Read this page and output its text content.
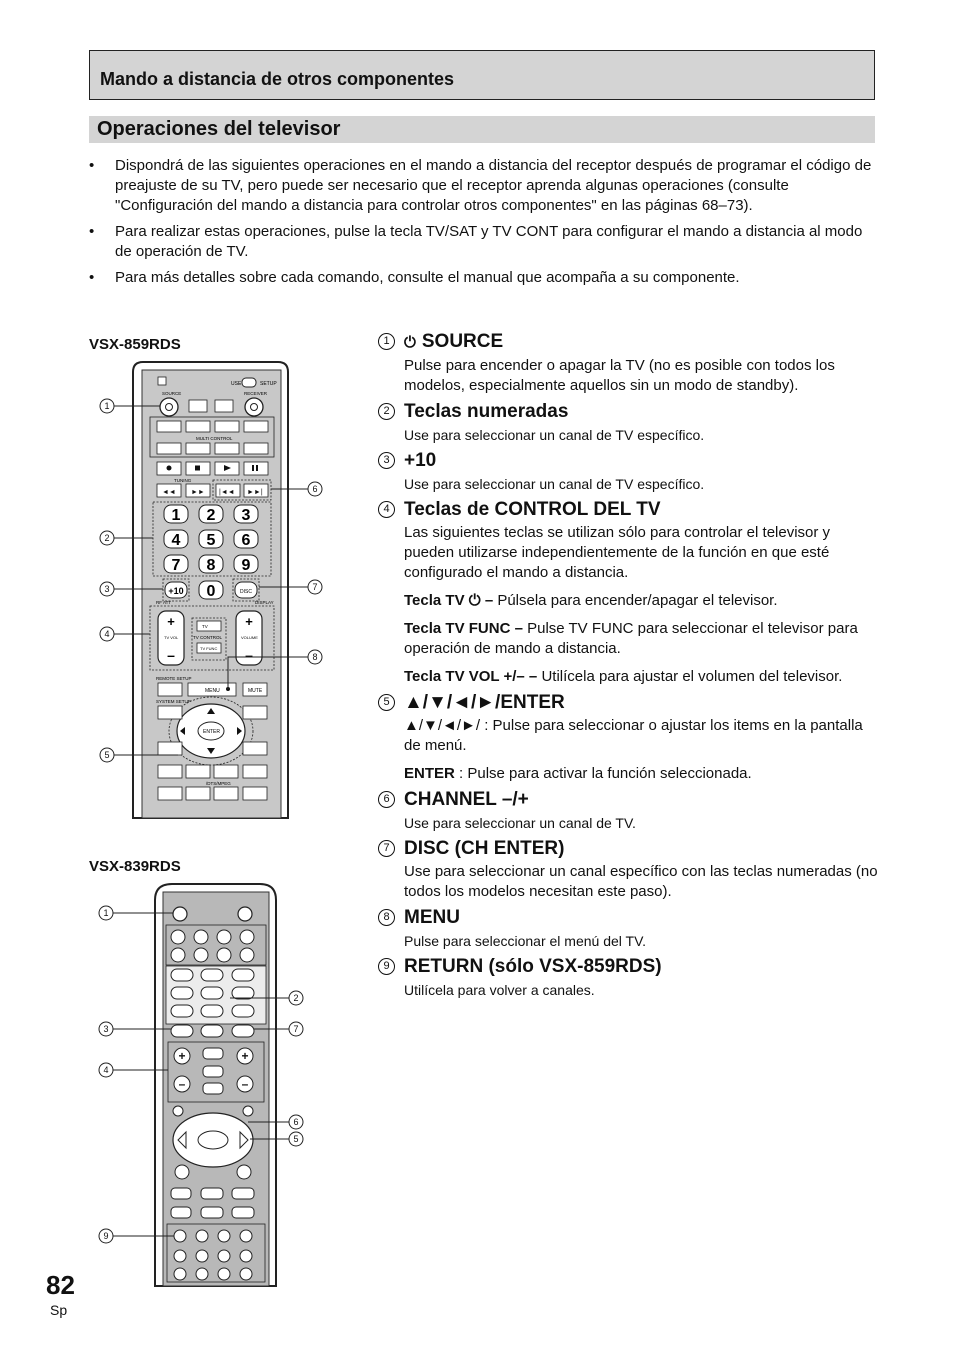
Mando a distancia de otros componentes
Operaciones del televisor
• Dispondrá de las siguientes operaciones en el mando a distancia del receptor después de programar el código de preajuste de su TV, pero puede ser necesario que el receptor aprenda algunas operaciones (consulte "Configuración del mando a distancia para controlar otros componentes" en las páginas 68–73).
• Para realizar estas operaciones, pulse la tecla TV/SAT y TV CONT para configurar el mando a distancia al modo de operación de TV.
• Para más detalles sobre cada comando, consulte el manual que acompaña a su componente.
VSX-859RDS
VSX-839RDS
USE	SETUP
SOURCE	RECEIVER
MULTI CONTROL
TUNING
◄◄ ►► |◄◄ ►►|
1 2 3
4 5 6
7 8 9
0
+10	DISC
RF ATT	DISPLAY
+
–
TV VOL
+
–
VOLUME
TV
TV CONTROL
TV FUNC
REMOTE SETUP
MENU	MUTE
SYSTEM SETUP
ENTER
/DTS/MPEG
1
2
3
4
5
6
7
8
+
–
+
–
1
3
4
9
2
7
6
5
1 ⏻ SOURCE

Pulse para encender o apagar la TV (no es posible con todos los modelos, especialmente aquellos sin un modo de standby).

2 Teclas numeradas

Use para seleccionar un canal de TV específico.

3 +10

Use para seleccionar un canal de TV específico.

4 Teclas de CONTROL DEL TV

Las siguientes teclas se utilizan sólo para controlar el televisor y pueden utilizarse independientemente de la función en que esté configurado el mando a distancia.

Tecla TV ⏻ – Púlsela para encender/apagar el televisor.

Tecla TV FUNC – Pulse TV FUNC para seleccionar el televisor para operación de mando a distancia.

Tecla TV VOL +/– – Utilícela para ajustar el volumen del televisor.

5 ▲/▼/◄/►/ENTER

▲/▼/◄/►/ : Pulse para seleccionar o ajustar los items en la pantalla de menú.

ENTER : Pulse para activar la función seleccionada.

6 CHANNEL –/+

Use para seleccionar un canal de TV.

7 DISC (CH ENTER)

Use para seleccionar un canal específico con las teclas numeradas (no todos los modelos necesitan este paso).

8 MENU

Pulse para seleccionar el menú del TV.

9 RETURN (sólo VSX-859RDS)

Utilícela para volver a canales.

82
Sp
